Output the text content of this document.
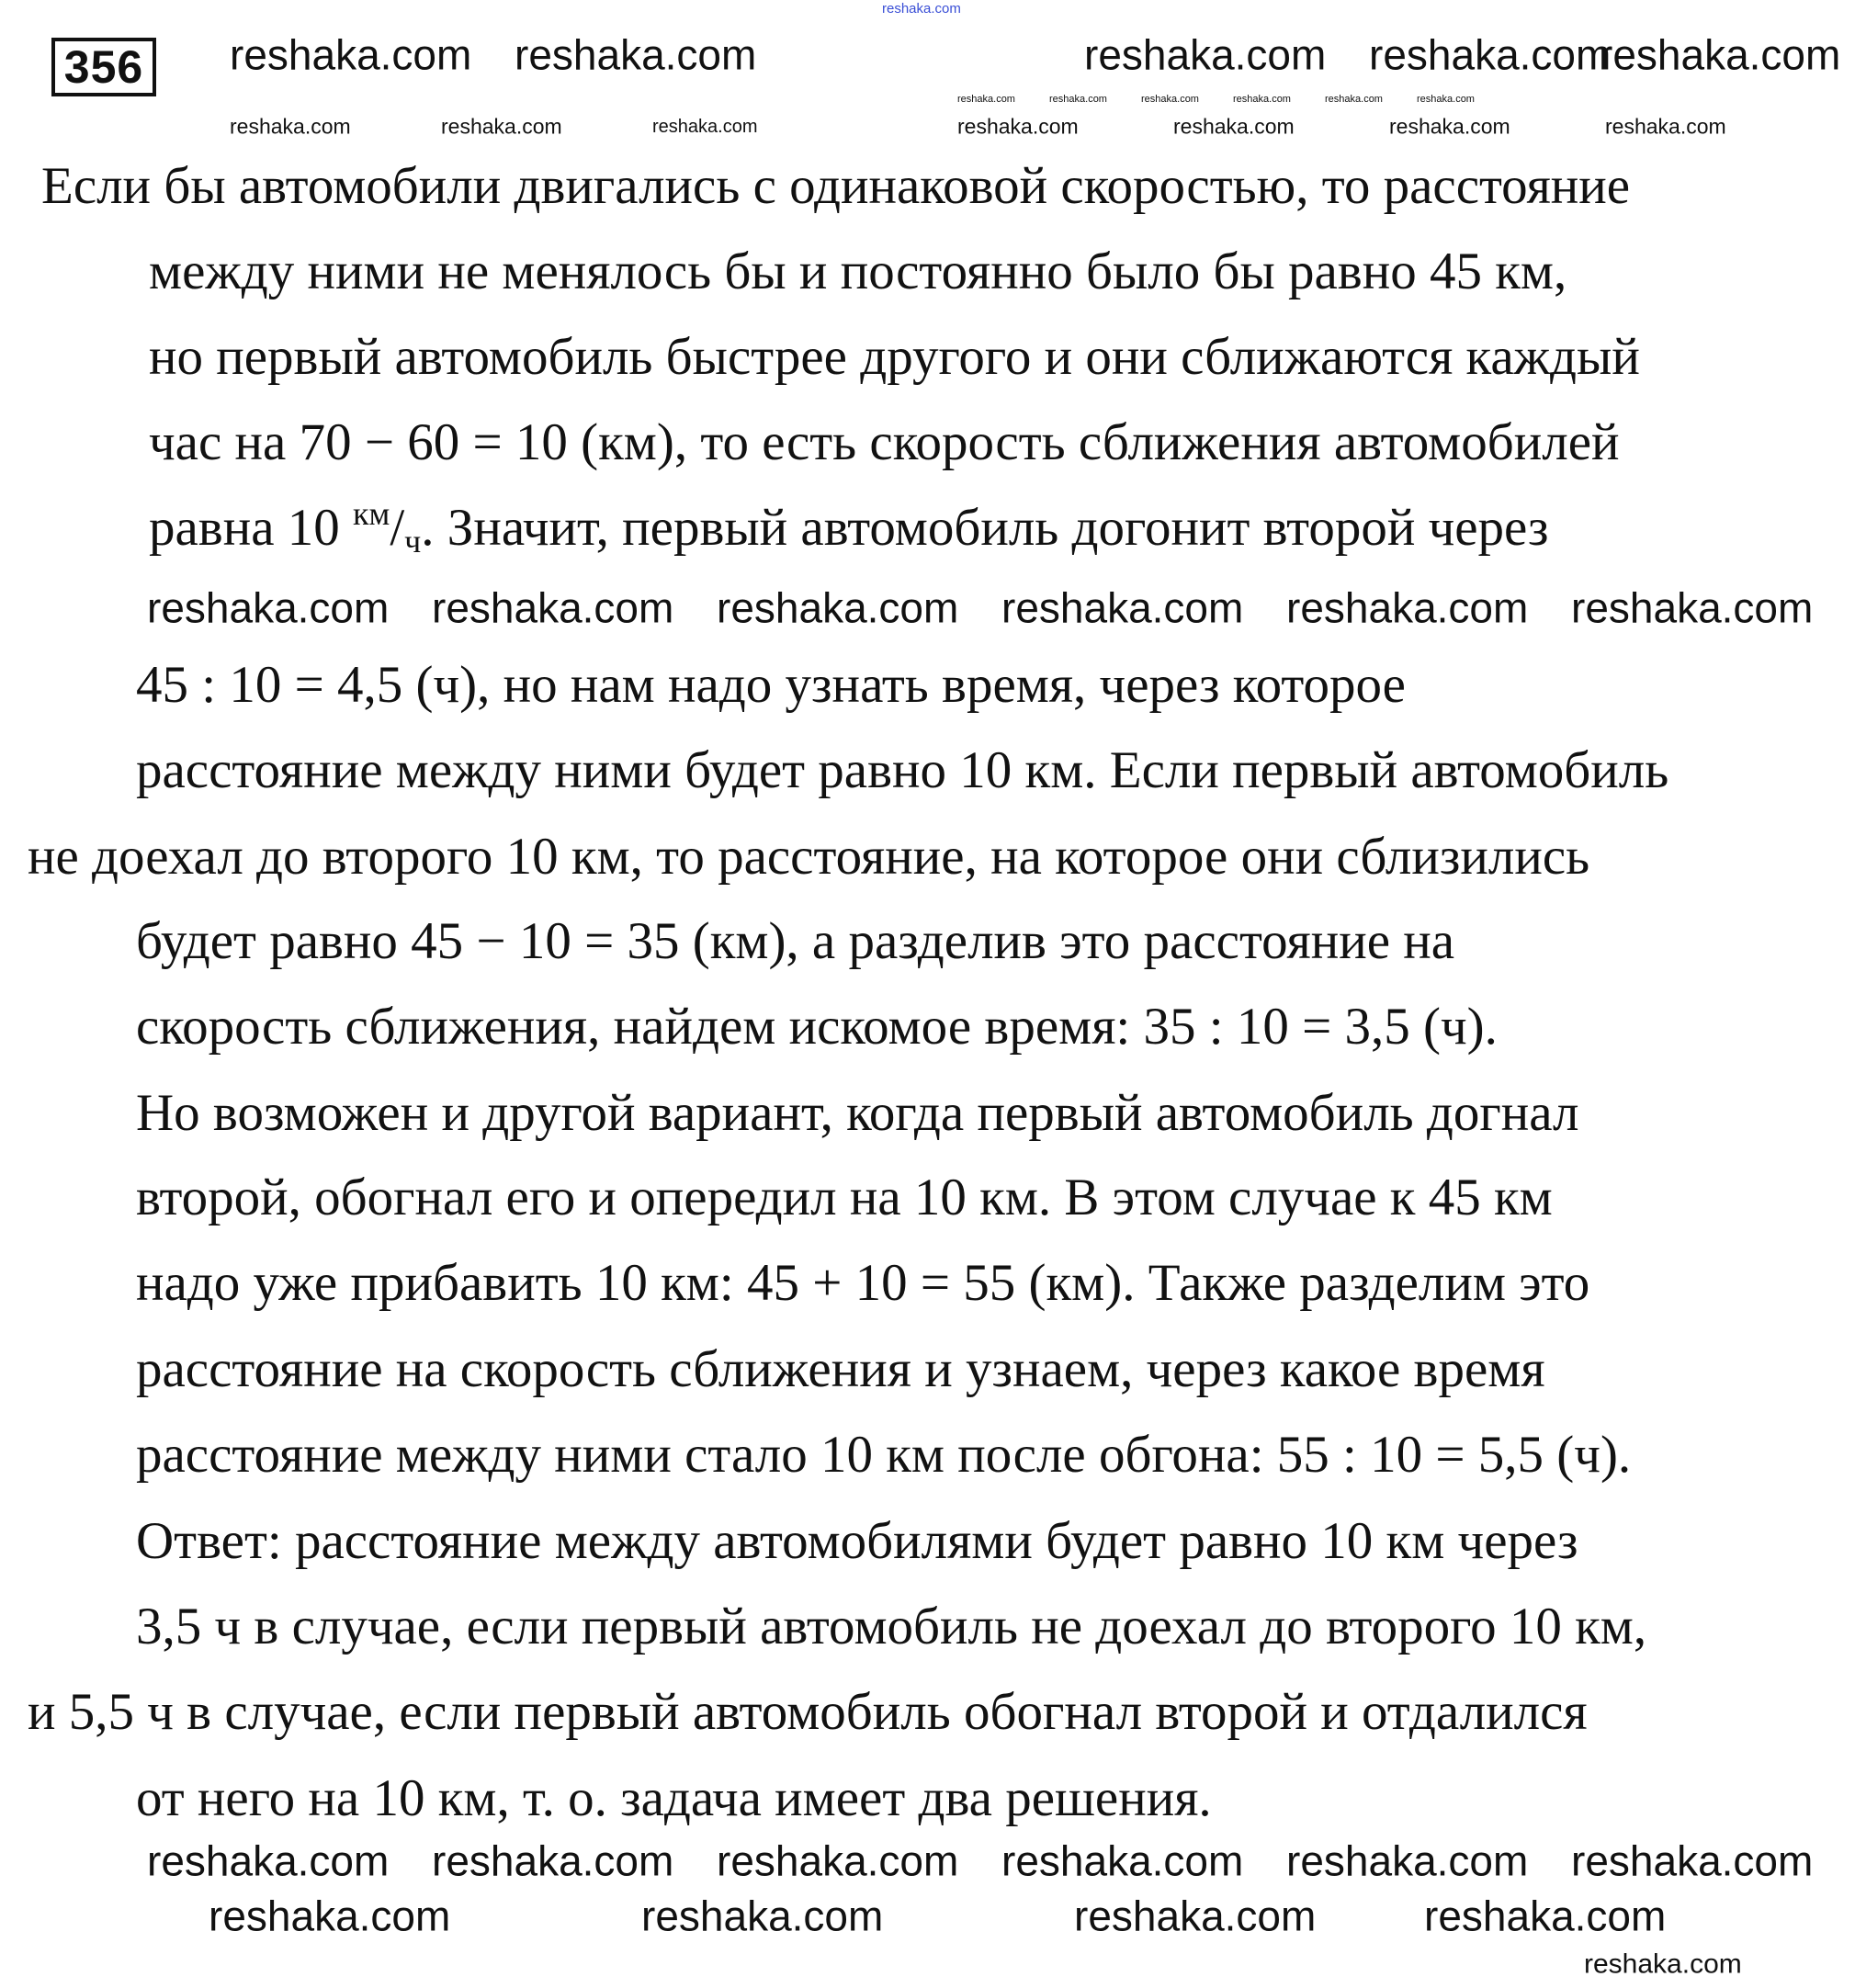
reshaka.com
356 reshaka.com reshaka.com	reshaka.com reshaka.com
reshaka.com
reshaka.com	reshaka.com	reshaka.com	reshaka.com	reshaka.com	reshaka.com
reshaka.com	reshaka.com	reshaka.com	reshaka.com	reshaka.com	reshaka.com	reshaka.com
Если бы автомобили двигались с одинаковой скоростью, то расстояние
между ними не менялось бы и постоянно было бы равно 45 км,
но первый автомобиль быстрее другого и они сближаются каждый
час на 70 − 60 = 10 (км), то есть скорость сближения автомобилей
равна 10 $^{км}/_ч$. Значит, первый автомобиль догонит второй через
reshaka.com reshaka.com reshaka.com reshaka.com reshaka.com reshaka.com
45 : 10 = 4,5 (ч), но нам надо узнать время, через которое
расстояние между ними будет равно 10 км. Если первый автомобиль
не доехал до второго 10 км, то расстояние, на которое они сблизились
будет равно 45 − 10 = 35 (км), а разделив это расстояние на
скорость сближения, найдем искомое время: 35 : 10 = 3,5 (ч).
Но возможен и другой вариант, когда первый автомобиль догнал
второй, обогнал его и опередил на 10 км. В этом случае к 45 км
надо уже прибавить 10 км: 45 + 10 = 55 (км). Также разделим это
расстояние на скорость сближения и узнаем, через какое время
расстояние между ними стало 10 км после обгона: 55 : 10 = 5,5 (ч).
Ответ: расстояние между автомобилями будет равно 10 км через
3,5 ч в случае, если первый автомобиль не доехал до второго 10 км,
и 5,5 ч в случае, если первый автомобиль обогнал второй и отдалился
от него на 10 км, т. о. задача имеет два решения.
reshaka.com reshaka.com reshaka.com reshaka.com reshaka.com reshaka.com
reshaka.com	reshaka.com	reshaka.com	reshaka.com
reshaka.com
